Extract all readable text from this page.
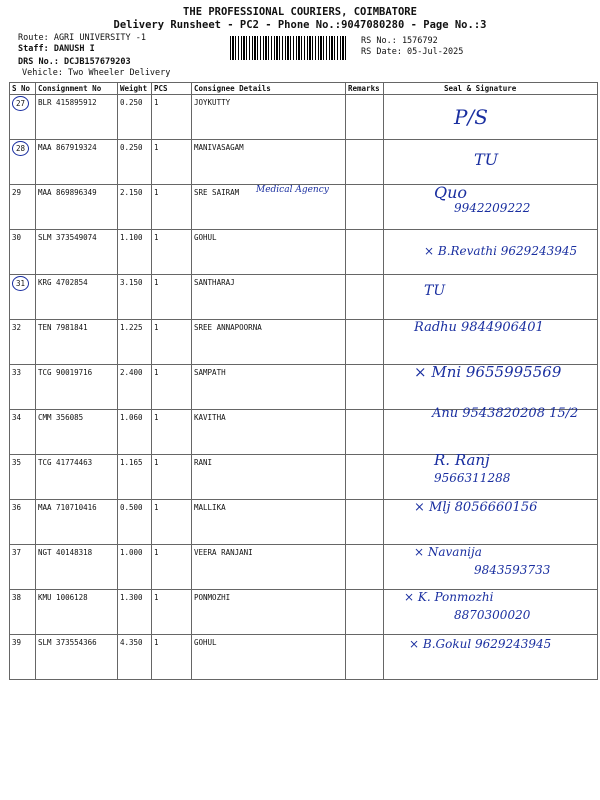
THE PROFESSIONAL COURIERS, COIMBATORE
Delivery Runsheet - PC2 - Phone No.:9047080280 - Page No.:3
Route: AGRI UNIVERSITY -1
Staff: DANUSH I
DRS No.: DCJB157679203
Vehicle: Two Wheeler Delivery
RS No.: 1576792
RS Date: 05-Jul-2025
S No	Consignment No	Weight	PCS	Consignee Details	Remarks	Seal & Signature
27	BLR 415895912	0.250	1	JOYKUTTY		P/S

28	MAA 867919324	0.250	1	MANIVASAGAM		TU

29	MAA 869896349	2.150	1	SRE SAIRAM Medical Agency		Quo
9942209222

30	SLM 373549074	1.100	1	GOHUL		× B.Revathi 9629243945

31	KRG 4702854	3.150	1	SANTHARAJ		TU

32	TEN 7981841	1.225	1	SREE ANNAPOORNA		Radhu 9844906401

33	TCG 90019716	2.400	1	SAMPATH		× Mni 9655995569

34	CMM 356085	1.060	1	KAVITHA		Anu 9543820208 15/2

35	TCG 41774463	1.165	1	RANI		R. Ranj
9566311288

36	MAA 710710416	0.500	1	MALLIKA		× Mlj 8056660156

37	NGT 40148318	1.000	1	VEERA RANJANI		× Navanija
9843593733

38	KMU 1006128	1.300	1	PONMOZHI		× K. Ponmozhi
8870300020

39	SLM 373554366	4.350	1	GOHUL		× B.Gokul 9629243945
